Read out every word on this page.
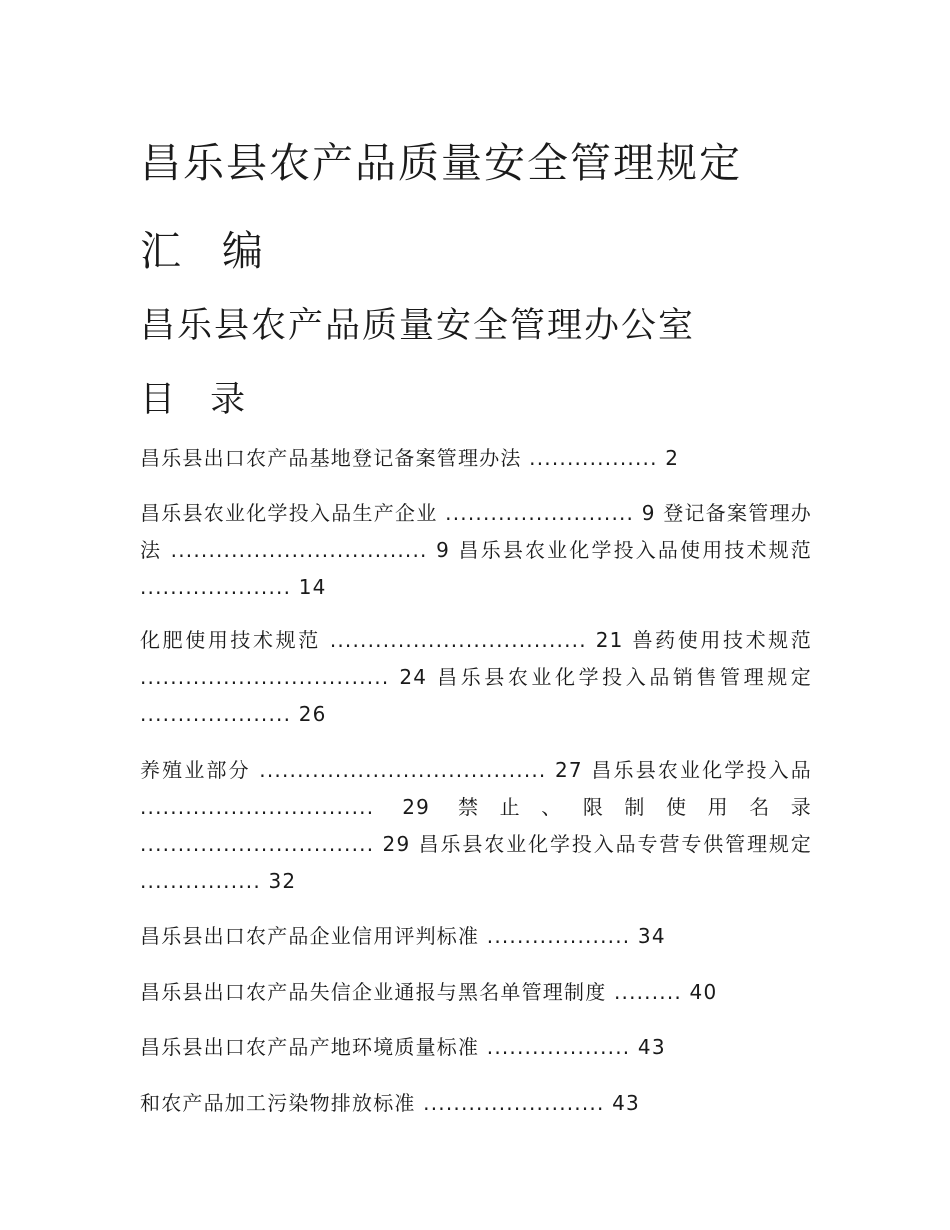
昌乐县农产品质量安全管理规定
汇 编
昌乐县农产品质量安全管理办公室
目 录

昌乐县出口农产品基地登记备案管理办法 ................. 2

昌乐县农业化学投入品生产企业 ......................... 9 登记备案管理办法 .................................. 9 昌乐县农业化学投入品使用技术规范 .................... 14

化肥使用技术规范 .................................. 21 兽药使用技术规范 ................................. 24 昌乐县农业化学投入品销售管理规定 .................... 26

养殖业部分 ...................................... 27 昌乐县农业化学投入品 ............................... 29 禁止、限制使用名录 ............................... 29 昌乐县农业化学投入品专营专供管理规定 ................ 32

昌乐县出口农产品企业信用评判标准 ................... 34

昌乐县出口农产品失信企业通报与黑名单管理制度 ......... 40

昌乐县出口农产品产地环境质量标准 ................... 43

和农产品加工污染物排放标准 ........................ 43
